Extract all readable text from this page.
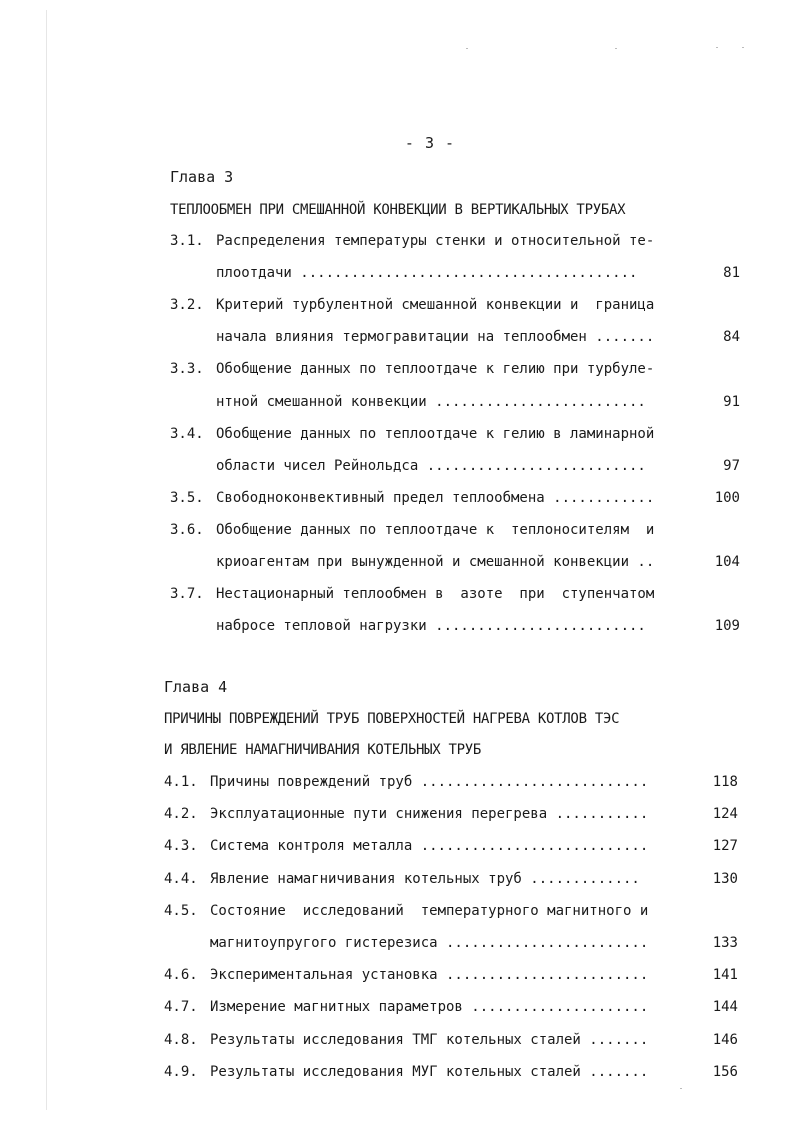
- 3 -
Глава 3
ТЕПЛООБМЕН ПРИ СМЕШАННОЙ КОНВЕКЦИИ В ВЕРТИКАЛЬНЫХ ТРУБАХ
3.1. Распределения температуры стенки и относительной те-
плоотдачи ........................................	81
3.2. Критерий турбулентной смешанной конвекции и  граница
начала влияния термогравитации на теплообмен .......	84
3.3. Обобщение данных по теплоотдаче к гелию при турбуле-
нтной смешанной конвекции .........................	91
3.4. Обобщение данных по теплоотдаче к гелию в ламинарной
области чисел Рейнольдса ..........................	97
3.5. Свободноконвективный предел теплообмена ............	100
3.6. Обобщение данных по теплоотдаче к  теплоносителям  и
криоагентам при вынужденной и смешанной конвекции ..	104
3.7. Нестационарный теплообмен в  азоте  при  ступенчатом
набросе тепловой нагрузки .........................	109
Глава 4
ПРИЧИНЫ ПОВРЕЖДЕНИЙ ТРУБ ПОВЕРХНОСТЕЙ НАГРЕВА КОТЛОВ ТЭС
И ЯВЛЕНИЕ НАМАГНИЧИВАНИЯ КОТЕЛЬНЫХ ТРУБ
4.1. Причины повреждений труб ...........................	118
4.2. Эксплуатационные пути снижения перегрева ...........	124
4.3. Система контроля металла ...........................	127
4.4. Явление намагничивания котельных труб .............	130
4.5. Состояние  исследований  температурного магнитного и
магнитоупругого гистерезиса ........................	133
4.6. Экспериментальная установка ........................	141
4.7. Измерение магнитных параметров .....................	144
4.8. Результаты исследования ТМГ котельных сталей .......	146
4.9. Результаты исследования МУГ котельных сталей .......	156
